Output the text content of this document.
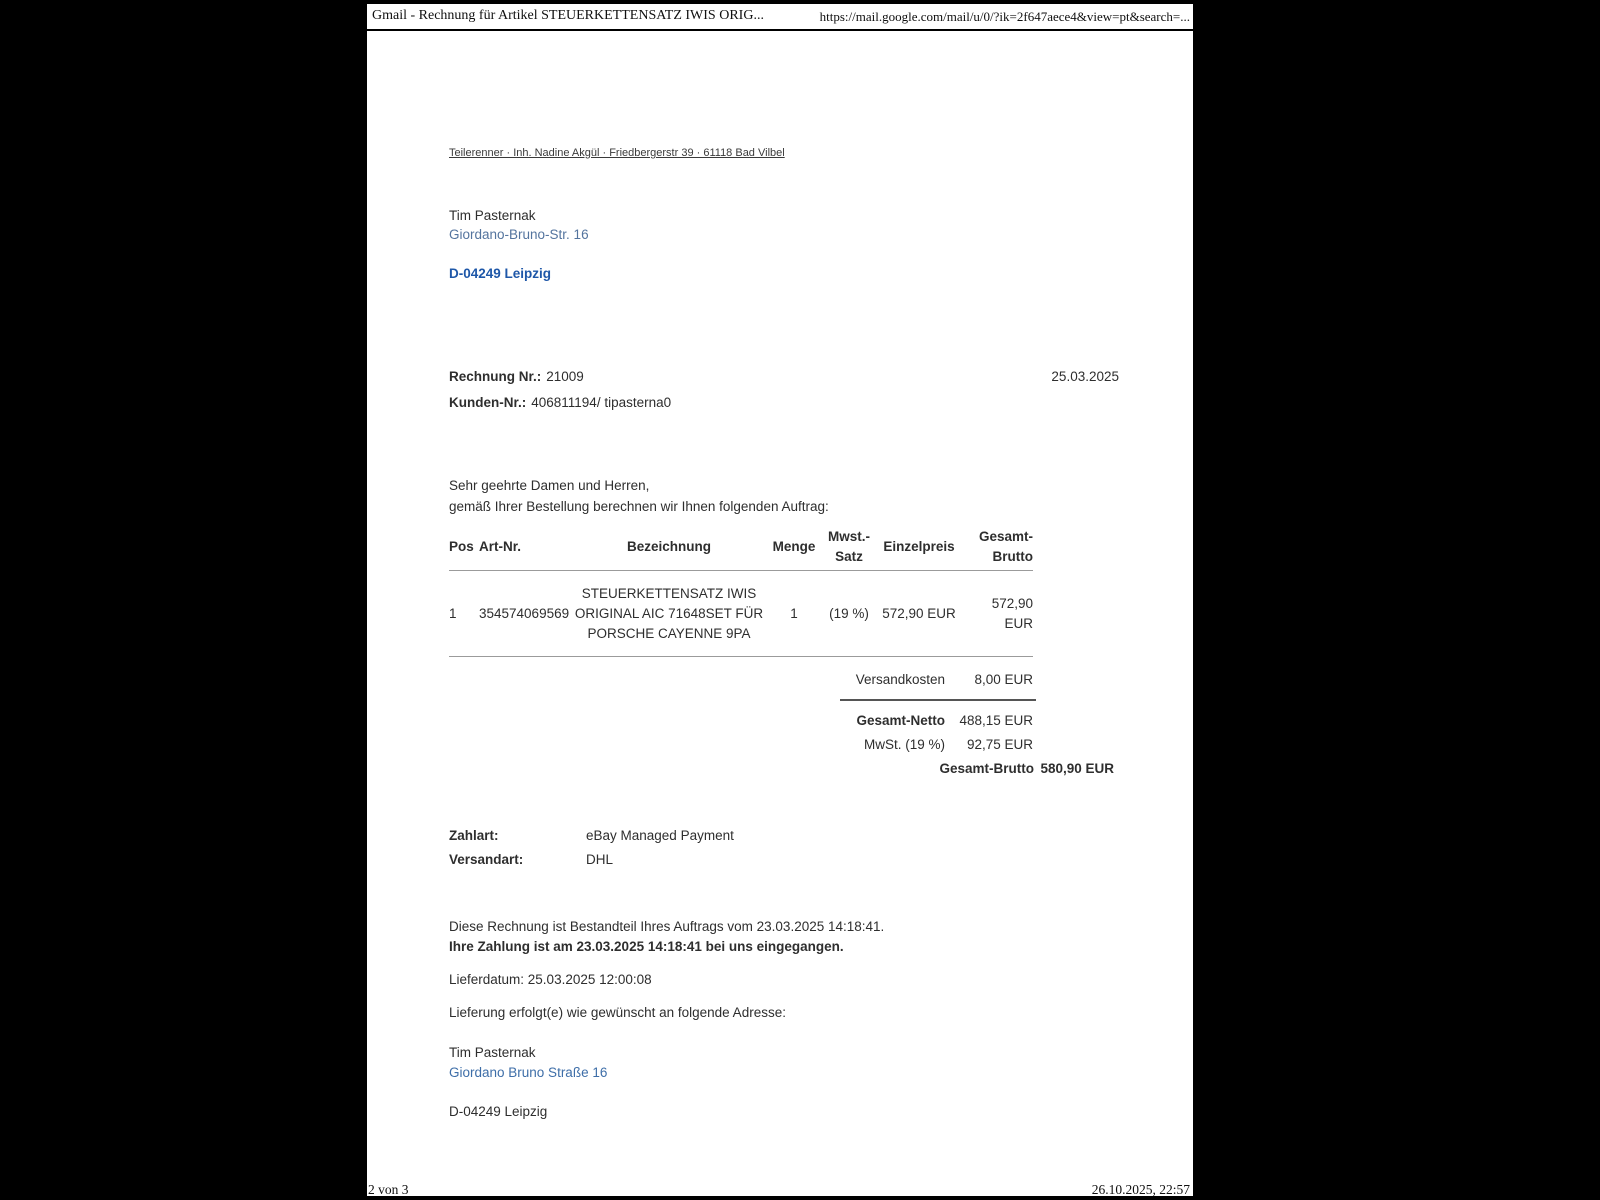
Gmail - Rechnung für Artikel STEUERKETTENSATZ IWIS ORIG...	https://mail.google.com/mail/u/0/?ik=2f647aece4&view=pt&search=...
Teilerenner · Inh. Nadine Akgül · Friedbergerstr 39 · 61118 Bad Vilbel
Tim Pasternak
Giordano-Bruno-Str. 16
D-04249 Leipzig
Rechnung Nr.: 21009	25.03.2025
Kunden-Nr.: 406811194/ tipasterna0
Sehr geehrte Damen und Herren,
gemäß Ihrer Bestellung berechnen wir Ihnen folgenden Auftrag:
Pos	Art-Nr.	Bezeichnung	Menge	Mwst.-Satz	Einzelpreis	Gesamt-Brutto
1	354574069569	STEUERKETTENSATZ IWIS ORIGINAL AIC 71648SET FÜR PORSCHE CAYENNE 9PA	1	(19 %)	572,90 EUR	572,90 EUR
Versandkosten 8,00 EUR
Gesamt-Netto 488,15 EUR
MwSt. (19 %) 92,75 EUR
Gesamt-Brutto 580,90 EUR
Zahlart:	eBay Managed Payment
Versandart:	DHL
Diese Rechnung ist Bestandteil Ihres Auftrags vom 23.03.2025 14:18:41.
Ihre Zahlung ist am 23.03.2025 14:18:41 bei uns eingegangen.
Lieferdatum: 25.03.2025 12:00:08
Lieferung erfolgt(e) wie gewünscht an folgende Adresse:
Tim Pasternak
Giordano Bruno Straße 16
D-04249 Leipzig
2 von 3	26.10.2025, 22:57
